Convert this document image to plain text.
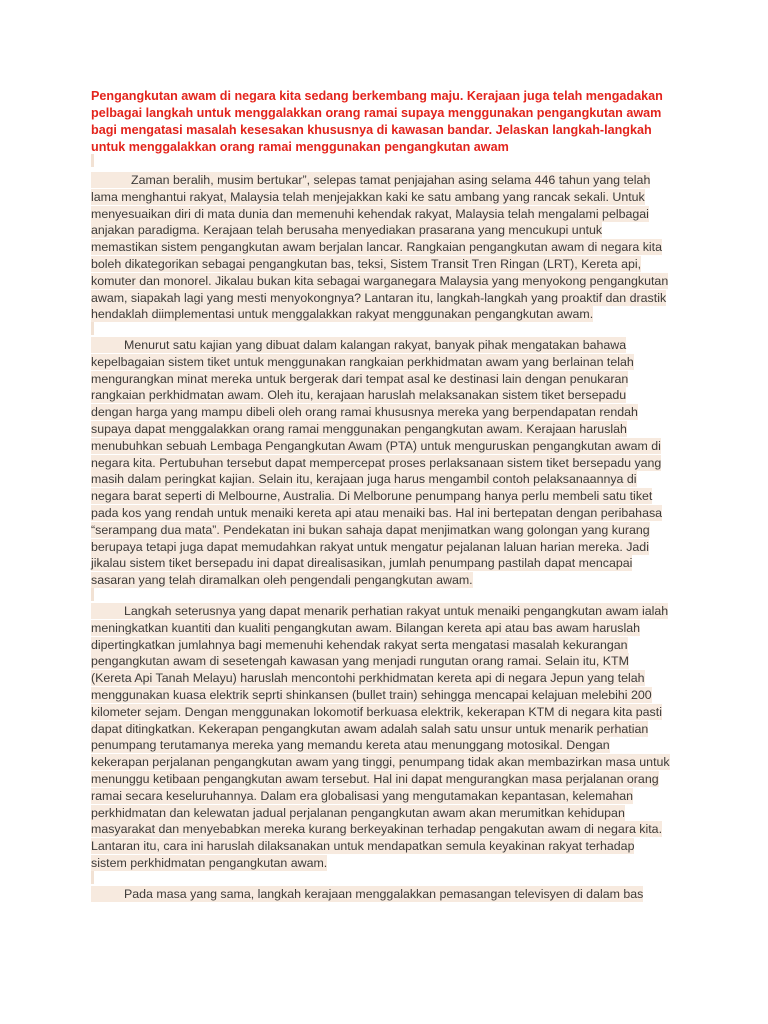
Pengangkutan awam di negara kita sedang berkembang maju. Kerajaan juga telah mengadakan
pelbagai langkah untuk menggalakkan orang ramai supaya menggunakan pengangkutan awam
bagi mengatasi masalah kesesakan khususnya di kawasan bandar. Jelaskan langkah-langkah
untuk menggalakkan orang ramai menggunakan pengangkutan awam
Zaman beralih, musim bertukar”, selepas tamat penjajahan asing selama 446 tahun yang telah
lama menghantui rakyat, Malaysia telah menjejakkan kaki ke satu ambang yang rancak sekali. Untuk
menyesuaikan diri di mata dunia dan memenuhi kehendak rakyat, Malaysia telah mengalami pelbagai
anjakan paradigma. Kerajaan telah berusaha menyediakan prasarana yang mencukupi untuk
memastikan sistem pengangkutan awam berjalan lancar. Rangkaian pengangkutan awam di negara kita
boleh dikategorikan sebagai pengangkutan bas, teksi, Sistem Transit Tren Ringan (LRT), Kereta api,
komuter dan monorel. Jikalau bukan kita sebagai warganegara Malaysia yang menyokong pengangkutan
awam, siapakah lagi yang mesti menyokongnya? Lantaran itu, langkah-langkah yang proaktif dan drastik
hendaklah diimplementasi untuk menggalakkan rakyat menggunakan pengangkutan awam.
Menurut satu kajian yang dibuat dalam kalangan rakyat, banyak pihak mengatakan bahawa
kepelbagaian sistem tiket untuk menggunakan rangkaian perkhidmatan awam yang berlainan telah
mengurangkan minat mereka untuk bergerak dari tempat asal ke destinasi lain dengan penukaran
rangkaian perkhidmatan awam. Oleh itu, kerajaan haruslah melaksanakan sistem tiket bersepadu
dengan harga yang mampu dibeli oleh orang ramai khususnya mereka yang berpendapatan rendah
supaya dapat menggalakkan orang ramai menggunakan pengangkutan awam. Kerajaan haruslah
menubuhkan sebuah Lembaga Pengangkutan Awam (PTA) untuk menguruskan pengangkutan awam di
negara kita. Pertubuhan tersebut dapat mempercepat proses perlaksanaan sistem tiket bersepadu yang
masih dalam peringkat kajian. Selain itu, kerajaan juga harus mengambil contoh pelaksanaannya di
negara barat seperti di Melbourne, Australia. Di Melborune penumpang hanya perlu membeli satu tiket
pada kos yang rendah untuk menaiki kereta api atau menaiki bas. Hal ini bertepatan dengan peribahasa
“serampang dua mata”. Pendekatan ini bukan sahaja dapat menjimatkan wang golongan yang kurang
berupaya tetapi juga dapat memudahkan rakyat untuk mengatur pejalanan laluan harian mereka. Jadi
jikalau sistem tiket bersepadu ini dapat direalisasikan, jumlah penumpang pastilah dapat mencapai
sasaran yang telah diramalkan oleh pengendali pengangkutan awam.
Langkah seterusnya yang dapat menarik perhatian rakyat untuk menaiki pengangkutan awam ialah
meningkatkan kuantiti dan kualiti pengangkutan awam. Bilangan kereta api atau bas awam haruslah
dipertingkatkan jumlahnya bagi memenuhi kehendak rakyat serta mengatasi masalah kekurangan
pengangkutan awam di sesetengah kawasan yang menjadi rungutan orang ramai. Selain itu, KTM
(Kereta Api Tanah Melayu) haruslah mencontohi perkhidmatan kereta api di negara Jepun yang telah
menggunakan kuasa elektrik seprti shinkansen (bullet train) sehingga mencapai kelajuan melebihi 200
kilometer sejam. Dengan menggunakan lokomotif berkuasa elektrik, kekerapan KTM di negara kita pasti
dapat ditingkatkan. Kekerapan pengangkutan awam adalah salah satu unsur untuk menarik perhatian
penumpang terutamanya mereka yang memandu kereta atau menunggang motosikal. Dengan
kekerapan perjalanan pengangkutan awam yang tinggi, penumpang tidak akan membazirkan masa untuk
menunggu ketibaan pengangkutan awam tersebut. Hal ini dapat mengurangkan masa perjalanan orang
ramai secara keseluruhannya. Dalam era globalisasi yang mengutamakan kepantasan, kelemahan
perkhidmatan dan kelewatan jadual perjalanan pengangkutan awam akan merumitkan kehidupan
masyarakat dan menyebabkan mereka kurang berkeyakinan terhadap pengakutan awam di negara kita.
Lantaran itu, cara ini haruslah dilaksanakan untuk mendapatkan semula keyakinan rakyat terhadap
sistem perkhidmatan pengangkutan awam.
Pada masa yang sama, langkah kerajaan menggalakkan pemasangan televisyen di dalam bas
